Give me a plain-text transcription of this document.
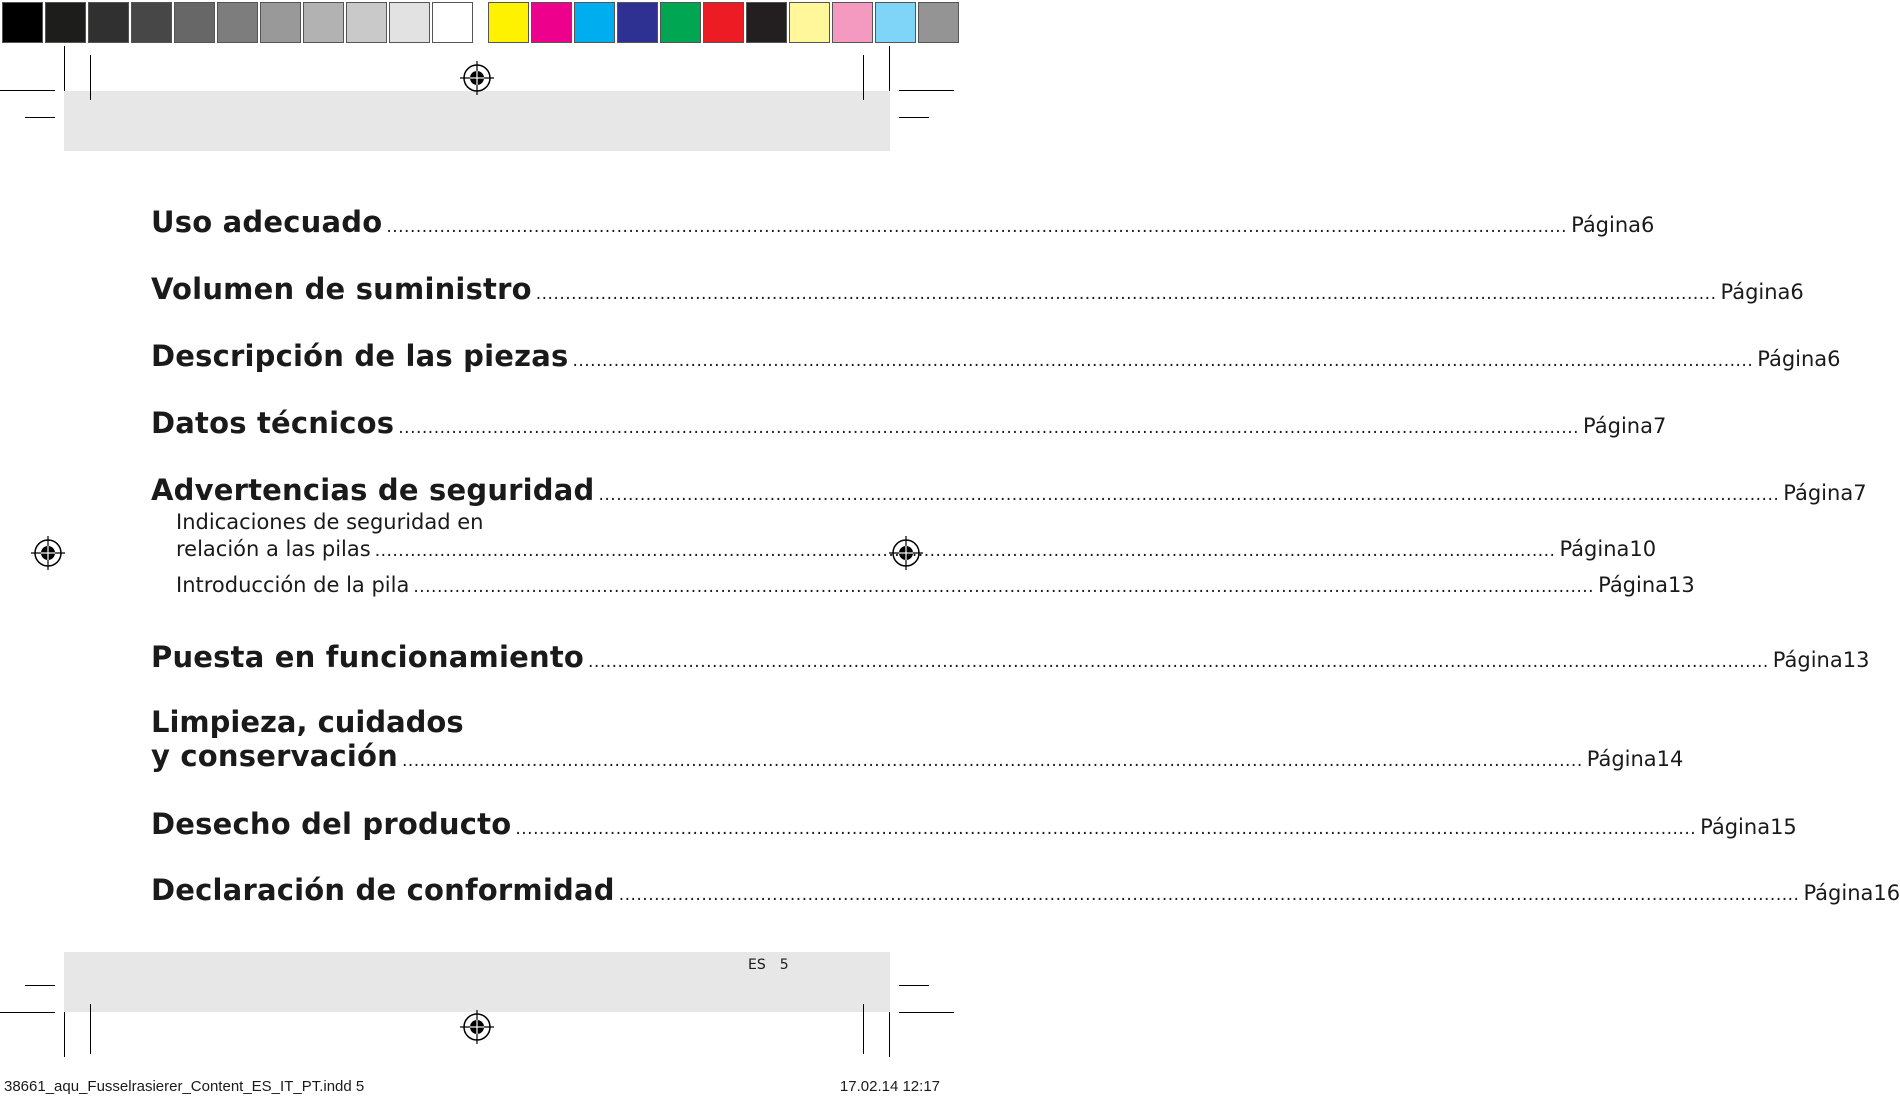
Uso adecuado ........................................................................................................................................................................................................ Página 6
Volumen de suministro ........................................................................................................................................................................................................ Página 6
Descripción de las piezas ........................................................................................................................................................................................................ Página 6
Datos técnicos ........................................................................................................................................................................................................ Página 7
Advertencias de seguridad ........................................................................................................................................................................................................ Página 7
Indicaciones de seguridad en
relación a las pilas ........................................................................................................................................................................................................ Página 10
Introducción de la pila ........................................................................................................................................................................................................ Página 13
Puesta en funcionamiento ........................................................................................................................................................................................................ Página 13
Limpieza, cuidados
y conservación ........................................................................................................................................................................................................ Página 14
Desecho del producto ........................................................................................................................................................................................................ Página 15
Declaración de conformidad ........................................................................................................................................................................................................ Página 16
ES 5
38661_aqu_Fusselrasierer_Content_ES_IT_PT.indd 5	17.02.14 12:17
